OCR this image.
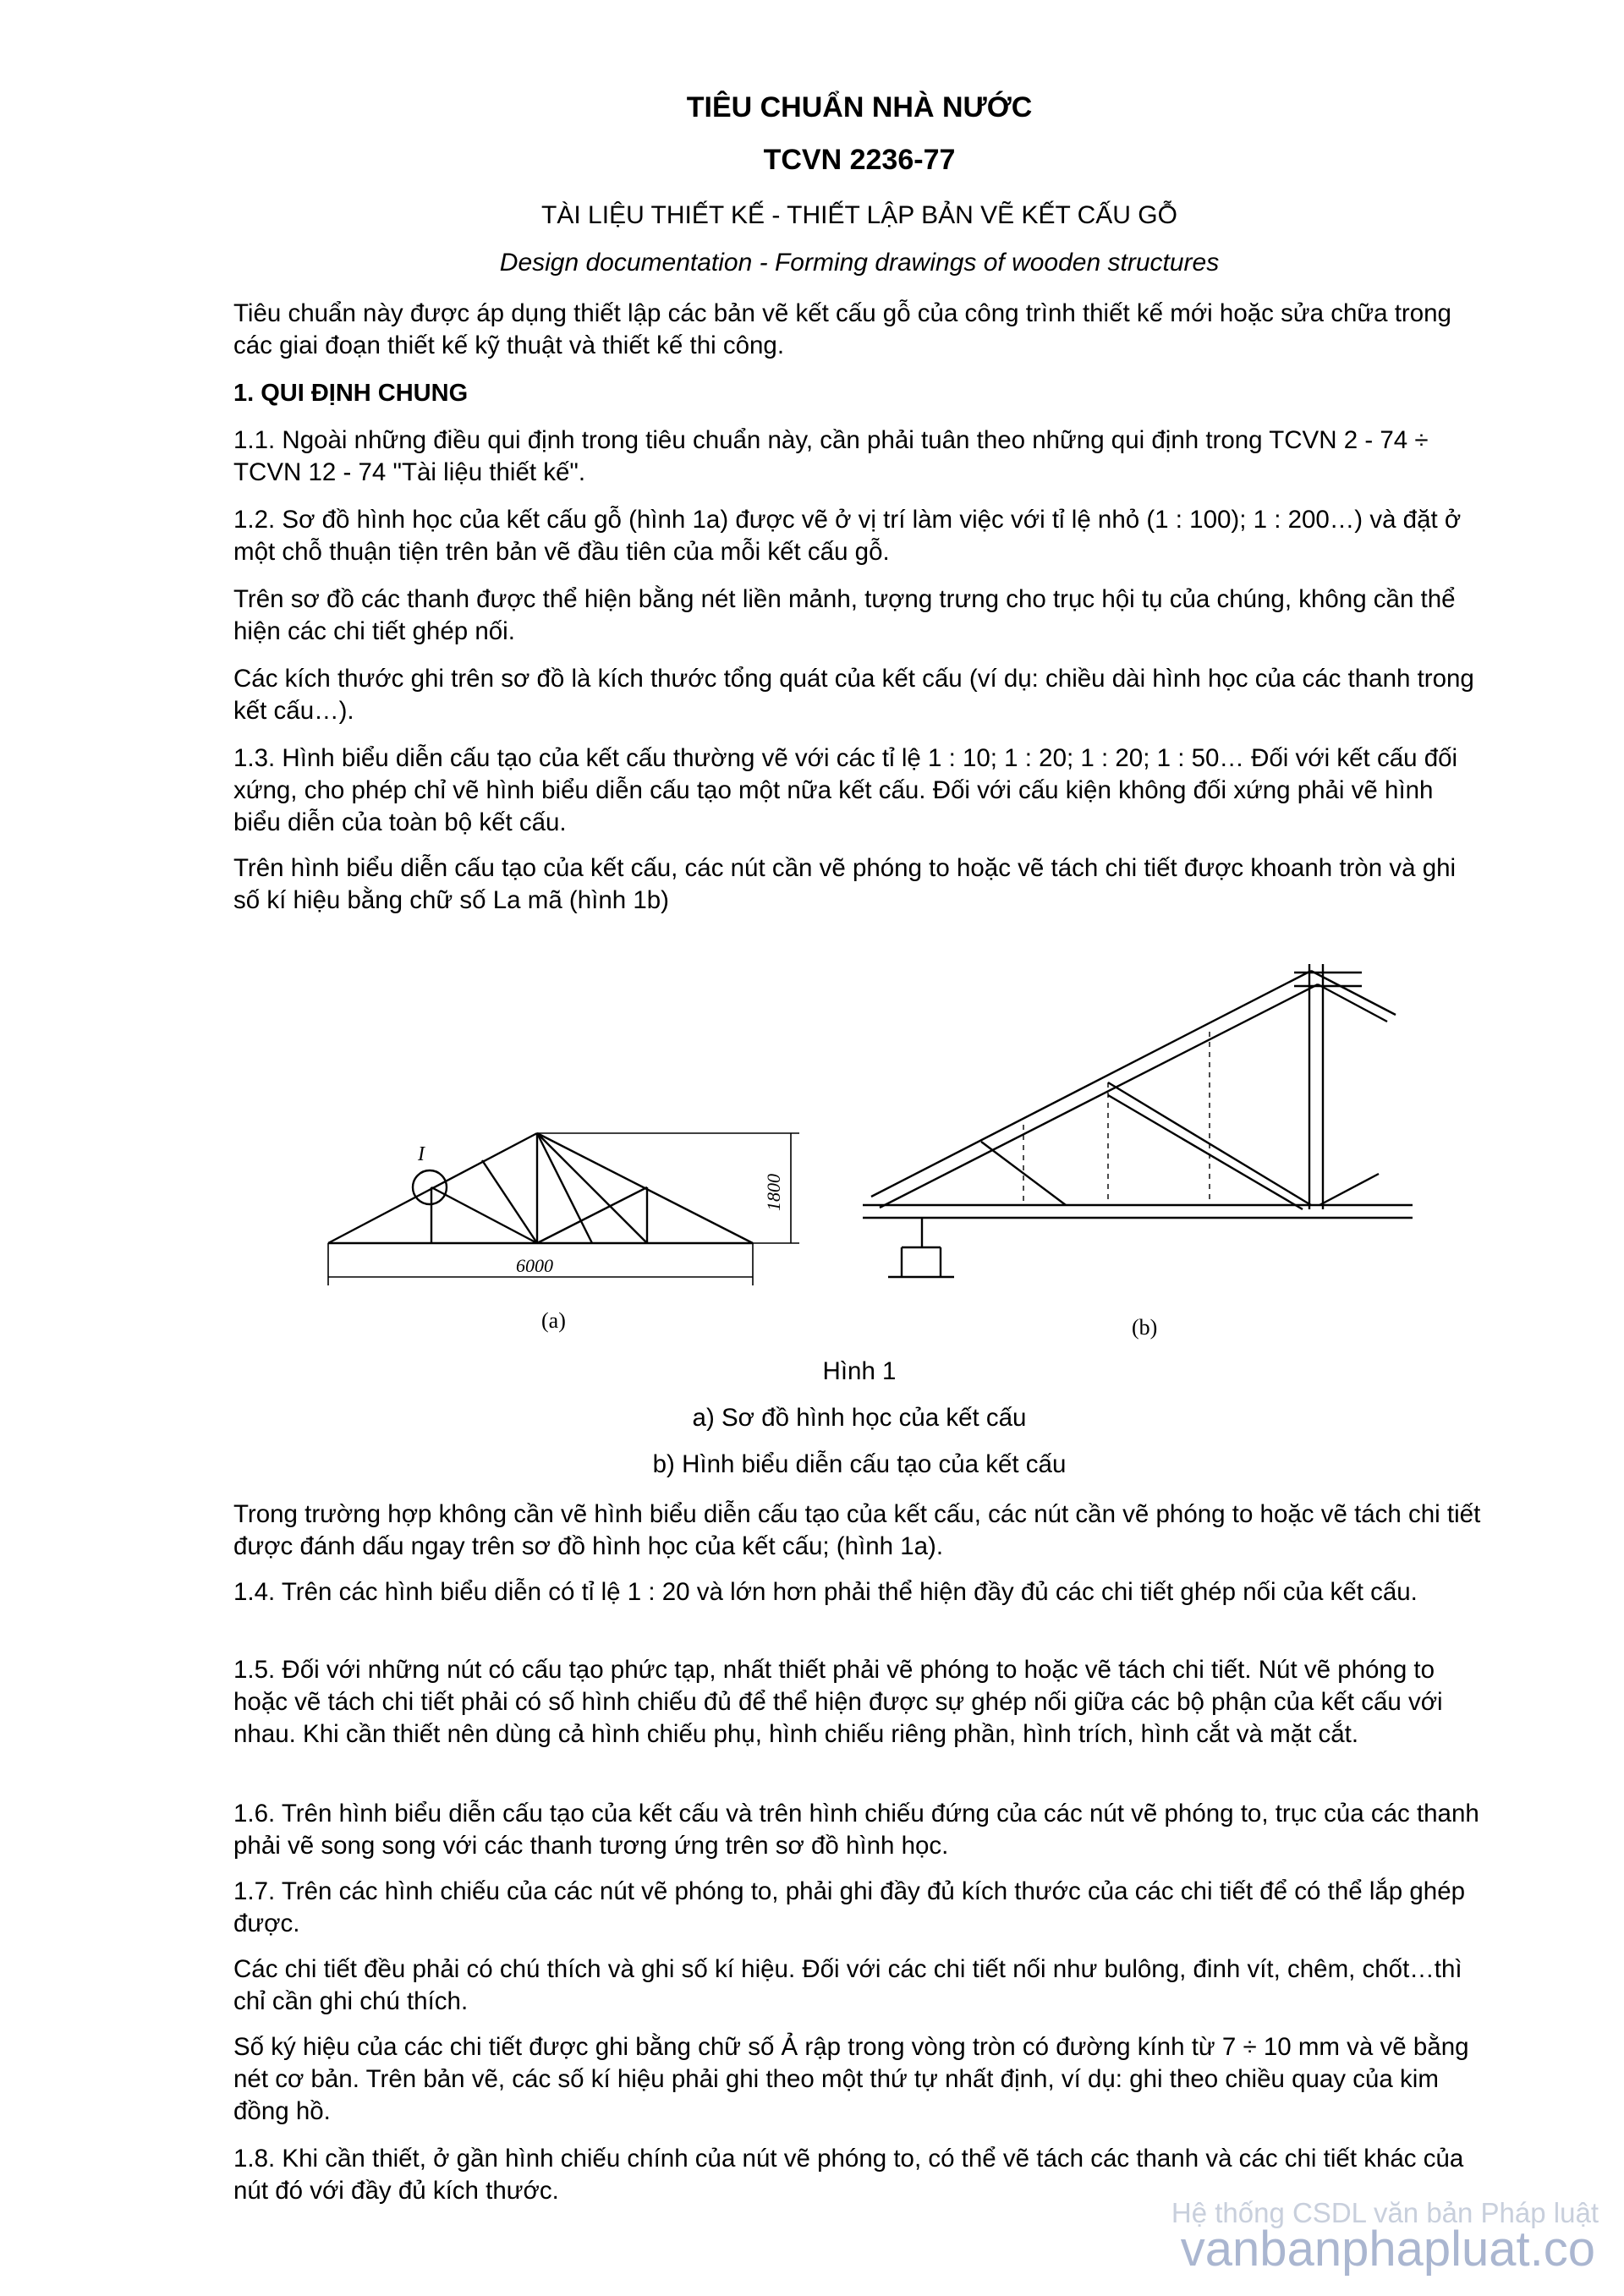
TIÊU CHUẨN NHÀ NƯỚC
TCVN 2236-77
TÀI LIỆU THIẾT KẾ - THIẾT LẬP BẢN VẼ KẾT CẤU GỖ
Design documentation - Forming drawings of wooden structures
Tiêu chuẩn này được áp dụng thiết lập các bản vẽ kết cấu gỗ của công trình thiết kế mới hoặc sửa chữa trong các giai đoạn thiết kế kỹ thuật và thiết kế thi công.
1. QUI ĐỊNH CHUNG
1.1. Ngoài những điều qui định trong tiêu chuẩn này, cần phải tuân theo những qui định trong TCVN 2 - 74 ÷ TCVN 12 - 74 "Tài liệu thiết kế".
1.2. Sơ đồ hình học của kết cấu gỗ (hình 1a) được vẽ ở vị trí làm việc với tỉ lệ nhỏ (1 : 100); 1 : 200…) và đặt ở một chỗ thuận tiện trên bản vẽ đầu tiên của mỗi kết cấu gỗ.
Trên sơ đồ các thanh được thể hiện bằng nét liền mảnh, tượng trưng cho trục hội tụ của chúng, không cần thể hiện các chi tiết ghép nối.
Các kích thước ghi trên sơ đồ là kích thước tổng quát của kết cấu (ví dụ: chiều dài hình học của các thanh trong kết cấu…).
1.3. Hình biểu diễn cấu tạo của kết cấu thường vẽ với các tỉ lệ 1 : 10; 1 : 20; 1 : 20; 1 : 50… Đối với kết cấu đối xứng, cho phép chỉ vẽ hình biểu diễn cấu tạo một nữa kết cấu. Đối với cấu kiện không đối xứng phải vẽ hình biểu diễn của toàn bộ kết cấu.
Trên hình biểu diễn cấu tạo của kết cấu, các nút cần vẽ phóng to hoặc vẽ tách chi tiết được khoanh tròn và ghi số kí hiệu bằng chữ số La mã (hình 1b)
I
6000
1800
(a)	(b)
Hình 1
a) Sơ đồ hình học của kết cấu
b) Hình biểu diễn cấu tạo của kết cấu
Trong trường hợp không cần vẽ hình biểu diễn cấu tạo của kết cấu, các nút cần vẽ phóng to hoặc vẽ tách chi tiết được đánh dấu ngay trên sơ đồ hình học của kết cấu; (hình 1a).
1.4. Trên các hình biểu diễn có tỉ lệ 1 : 20 và lớn hơn phải thể hiện đầy đủ các chi tiết ghép nối của kết cấu.
1.5. Đối với những nút có cấu tạo phức tạp, nhất thiết phải vẽ phóng to hoặc vẽ tách chi tiết. Nút vẽ phóng to hoặc vẽ tách chi tiết phải có số hình chiếu đủ để thể hiện được sự ghép nối giữa các bộ phận của kết cấu với nhau. Khi cần thiết nên dùng cả hình chiếu phụ, hình chiếu riêng phần, hình trích, hình cắt và mặt cắt.
1.6. Trên hình biểu diễn cấu tạo của kết cấu và trên hình chiếu đứng của các nút vẽ phóng to, trục của các thanh phải vẽ song song với các thanh tương ứng trên sơ đồ hình học.
1.7. Trên các hình chiếu của các nút vẽ phóng to, phải ghi đầy đủ kích thước của các chi tiết để có thể lắp ghép được.
Các chi tiết đều phải có chú thích và ghi số kí hiệu. Đối với các chi tiết nối như bulông, đinh vít, chêm, chốt…thì chỉ cần ghi chú thích.
Số ký hiệu của các chi tiết được ghi bằng chữ số Ả rập trong vòng tròn có đường kính từ 7 ÷ 10 mm và vẽ bằng nét cơ bản. Trên bản vẽ, các số kí hiệu phải ghi theo một thứ tự nhất định, ví dụ: ghi theo chiều quay của kim đồng hồ.
1.8. Khi cần thiết, ở gần hình chiếu chính của nút vẽ phóng to, có thể vẽ tách các thanh và các chi tiết khác của nút đó với đầy đủ kích thước.
Hệ thống CSDL văn bản Pháp luật
vanbanphapluat.co
